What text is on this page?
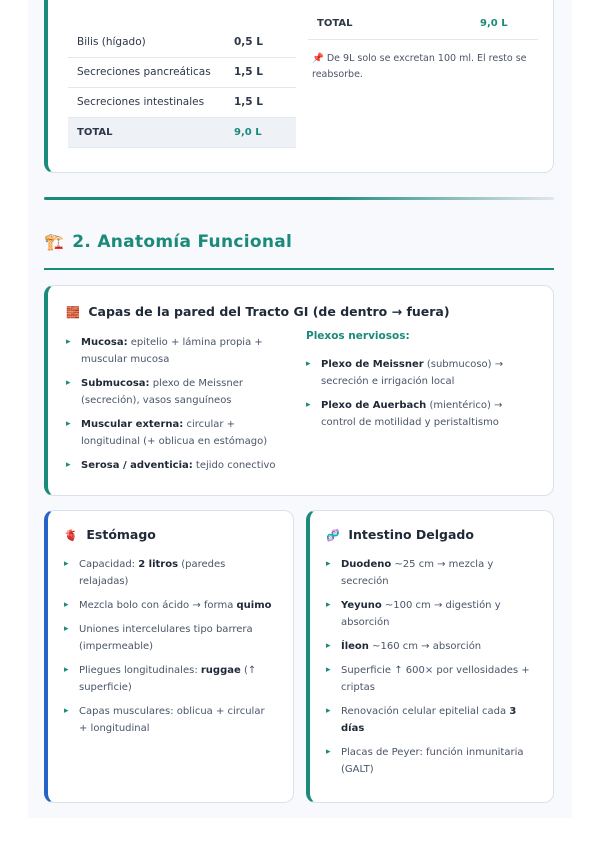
Bilis (hígado)	0,5 L
Secreciones pancreáticas	1,5 L
Secreciones intestinales	1,5 L
TOTAL	9,0 L
TOTAL	9,0 L
📌 De 9L solo se excretan 100 ml. El resto se reabsorbe.
🏗️ 2. Anatomía Funcional
🧱 Capas de la pared del Tracto GI (de dentro → fuera)
▸ Mucosa: epitelio + lámina propia + muscular mucosa
▸ Submucosa: plexo de Meissner (secreción), vasos sanguíneos
▸ Muscular externa: circular + longitudinal (+ oblicua en estómago)
▸ Serosa / adventicia: tejido conectivo
Plexos nerviosos:
▸ Plexo de Meissner (submucoso) → secreción e irrigación local
▸ Plexo de Auerbach (mientérico) → control de motilidad y peristaltismo
🫀 Estómago
▸ Capacidad: 2 litros (paredes relajadas)
▸ Mezcla bolo con ácido → forma quimo
▸ Uniones intercelulares tipo barrera (impermeable)
▸ Pliegues longitudinales: ruggae (↑ superficie)
▸ Capas musculares: oblicua + circular + longitudinal
🧬 Intestino Delgado
▸ Duodeno ~25 cm → mezcla y secreción
▸ Yeyuno ~100 cm → digestión y absorción
▸ Íleon ~160 cm → absorción
▸ Superficie ↑ 600× por vellosidades + criptas
▸ Renovación celular epitelial cada 3 días
▸ Placas de Peyer: función inmunitaria (GALT)
